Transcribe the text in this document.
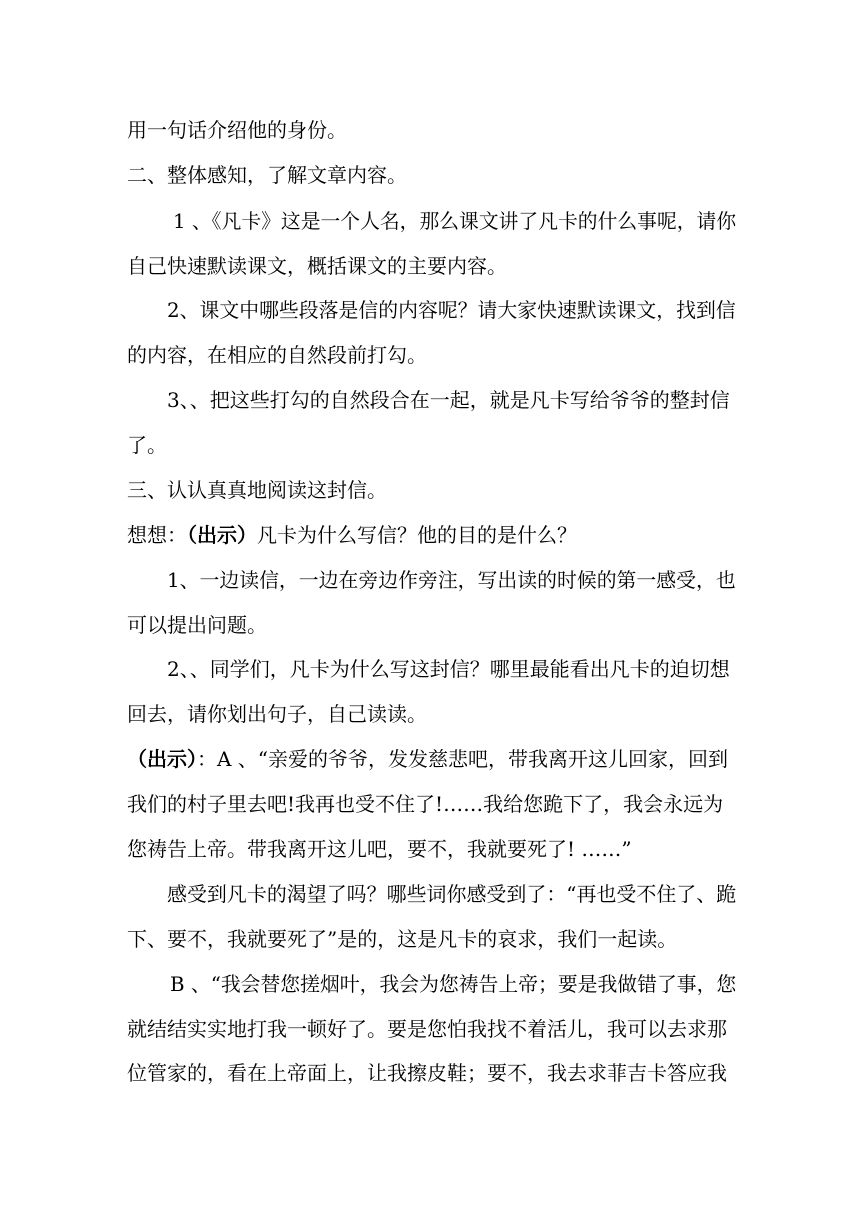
用一句话介绍他的身份。
二、整体感知，了解文章内容。
1 、《凡卡》这是一个人名，那么课文讲了凡卡的什么事呢，请你
自己快速默读课文，概括课文的主要内容。
2、课文中哪些段落是信的内容呢？请大家快速默读课文，找到信
的内容，在相应的自然段前打勾。
3、、把这些打勾的自然段合在一起，就是凡卡写给爷爷的整封信
了。
三、认认真真地阅读这封信。
想想：（出示）凡卡为什么写信？他的目的是什么？
1、一边读信，一边在旁边作旁注，写出读的时候的第一感受，也
可以提出问题。
2、、同学们，凡卡为什么写这封信？哪里最能看出凡卡的迫切想
回去，请你划出句子，自己读读。
（出示）：A 、“亲爱的爷爷，发发慈悲吧，带我离开这儿回家，回到
我们的村子里去吧!我再也受不住了!……我给您跪下了，我会永远为
您祷告上帝。带我离开这儿吧，要不，我就要死了! ……”
感受到凡卡的渴望了吗？哪些词你感受到了：“再也受不住了、跪
下、要不，我就要死了”是的，这是凡卡的哀求，我们一起读。
B 、“我会替您搓烟叶，我会为您祷告上帝；要是我做错了事，您
就结结实实地打我一顿好了。要是您怕我找不着活儿，我可以去求那
位管家的，看在上帝面上，让我擦皮鞋；要不，我去求菲吉卡答应我
